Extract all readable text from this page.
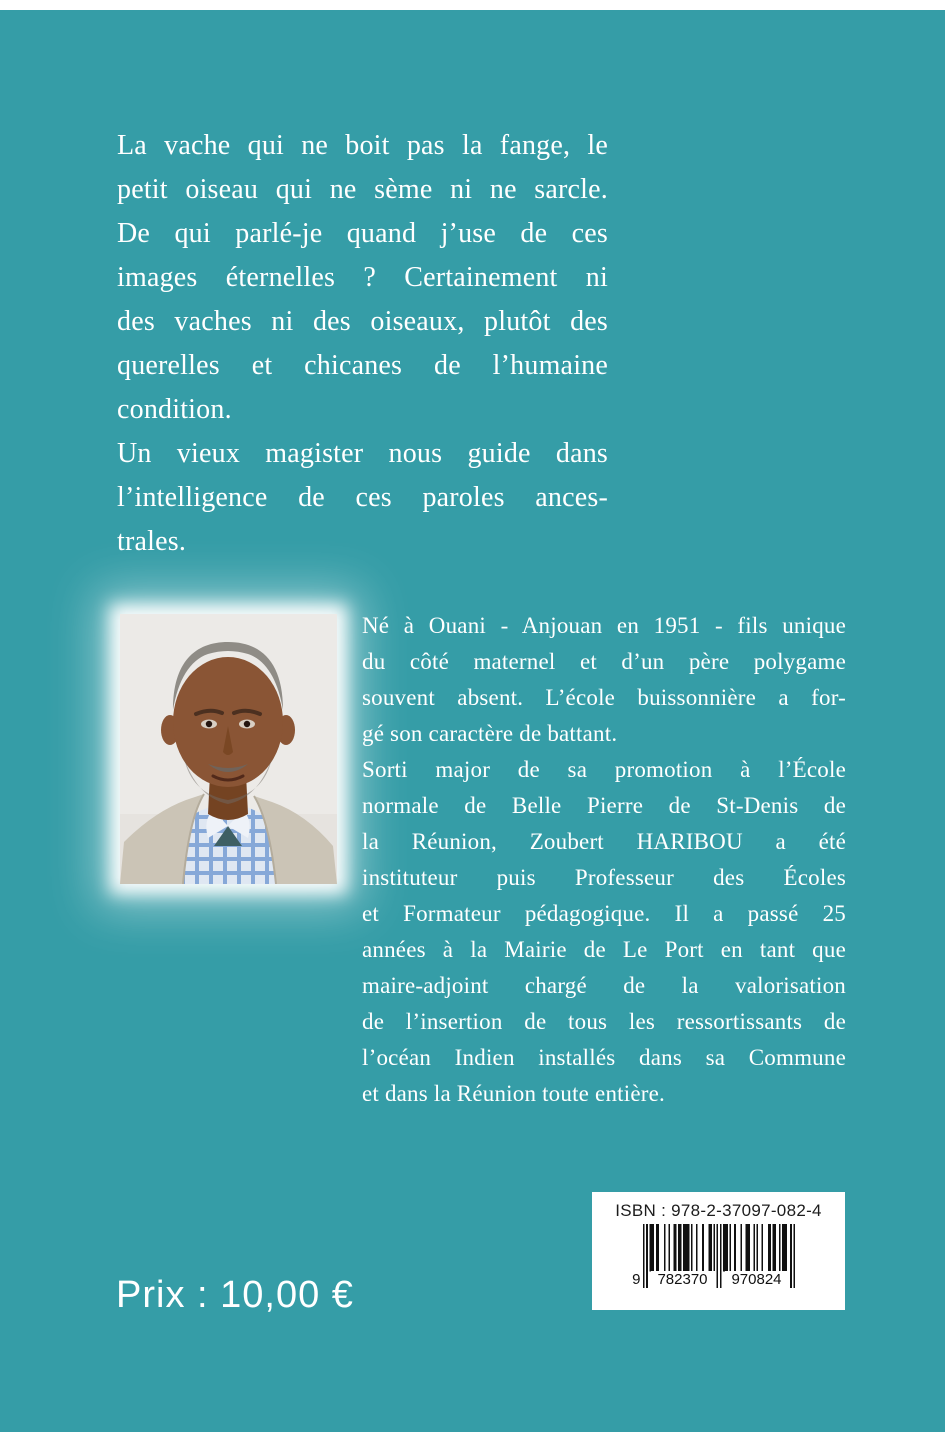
La vache qui ne boit pas la fange, le
petit oiseau qui ne sème ni ne sarcle.
De qui parlé-je quand j’use de ces
images éternelles ? Certainement ni
des vaches ni des oiseaux, plutôt des
querelles et chicanes de l’humaine
condition.
Un vieux magister nous guide dans
l’intelligence de ces paroles ances-
trales.
Né à Ouani - Anjouan en 1951 - fils unique
du côté maternel et d’un père polygame
souvent absent. L’école buissonnière a for-
gé son caractère de battant.
Sorti major de sa promotion à l’École
normale de Belle Pierre de St-Denis de
la Réunion, Zoubert HARIBOU a été
instituteur puis Professeur des Écoles
et Formateur pédagogique. Il a passé 25
années à la Mairie de Le Port en tant que
maire-adjoint chargé de la valorisation
de l’insertion de tous les ressortissants de
l’océan Indien installés dans sa Commune
et dans la Réunion toute entière.
ISBN : 978-2-37097-082-4
9	782370	970824
Prix : 10,00 €
